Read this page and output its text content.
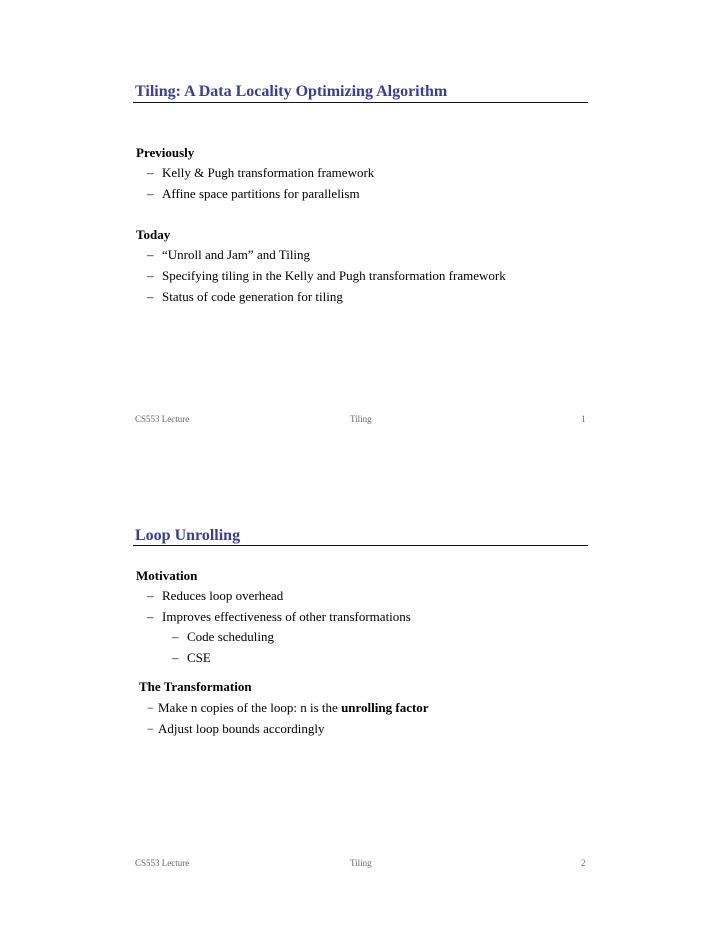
Tiling: A Data Locality Optimizing Algorithm
Previously
– Kelly & Pugh transformation framework
– Affine space partitions for parallelism
Today
– “Unroll and Jam” and Tiling
– Specifying tiling in the Kelly and Pugh transformation framework
– Status of code generation for tiling
CS553 Lecture	Tiling	1
Loop Unrolling
Motivation
– Reduces loop overhead
– Improves effectiveness of other transformations
– Code scheduling
– CSE
The Transformation
− Make n copies of the loop: n is the unrolling factor
− Adjust loop bounds accordingly
CS553 Lecture	Tiling	2
